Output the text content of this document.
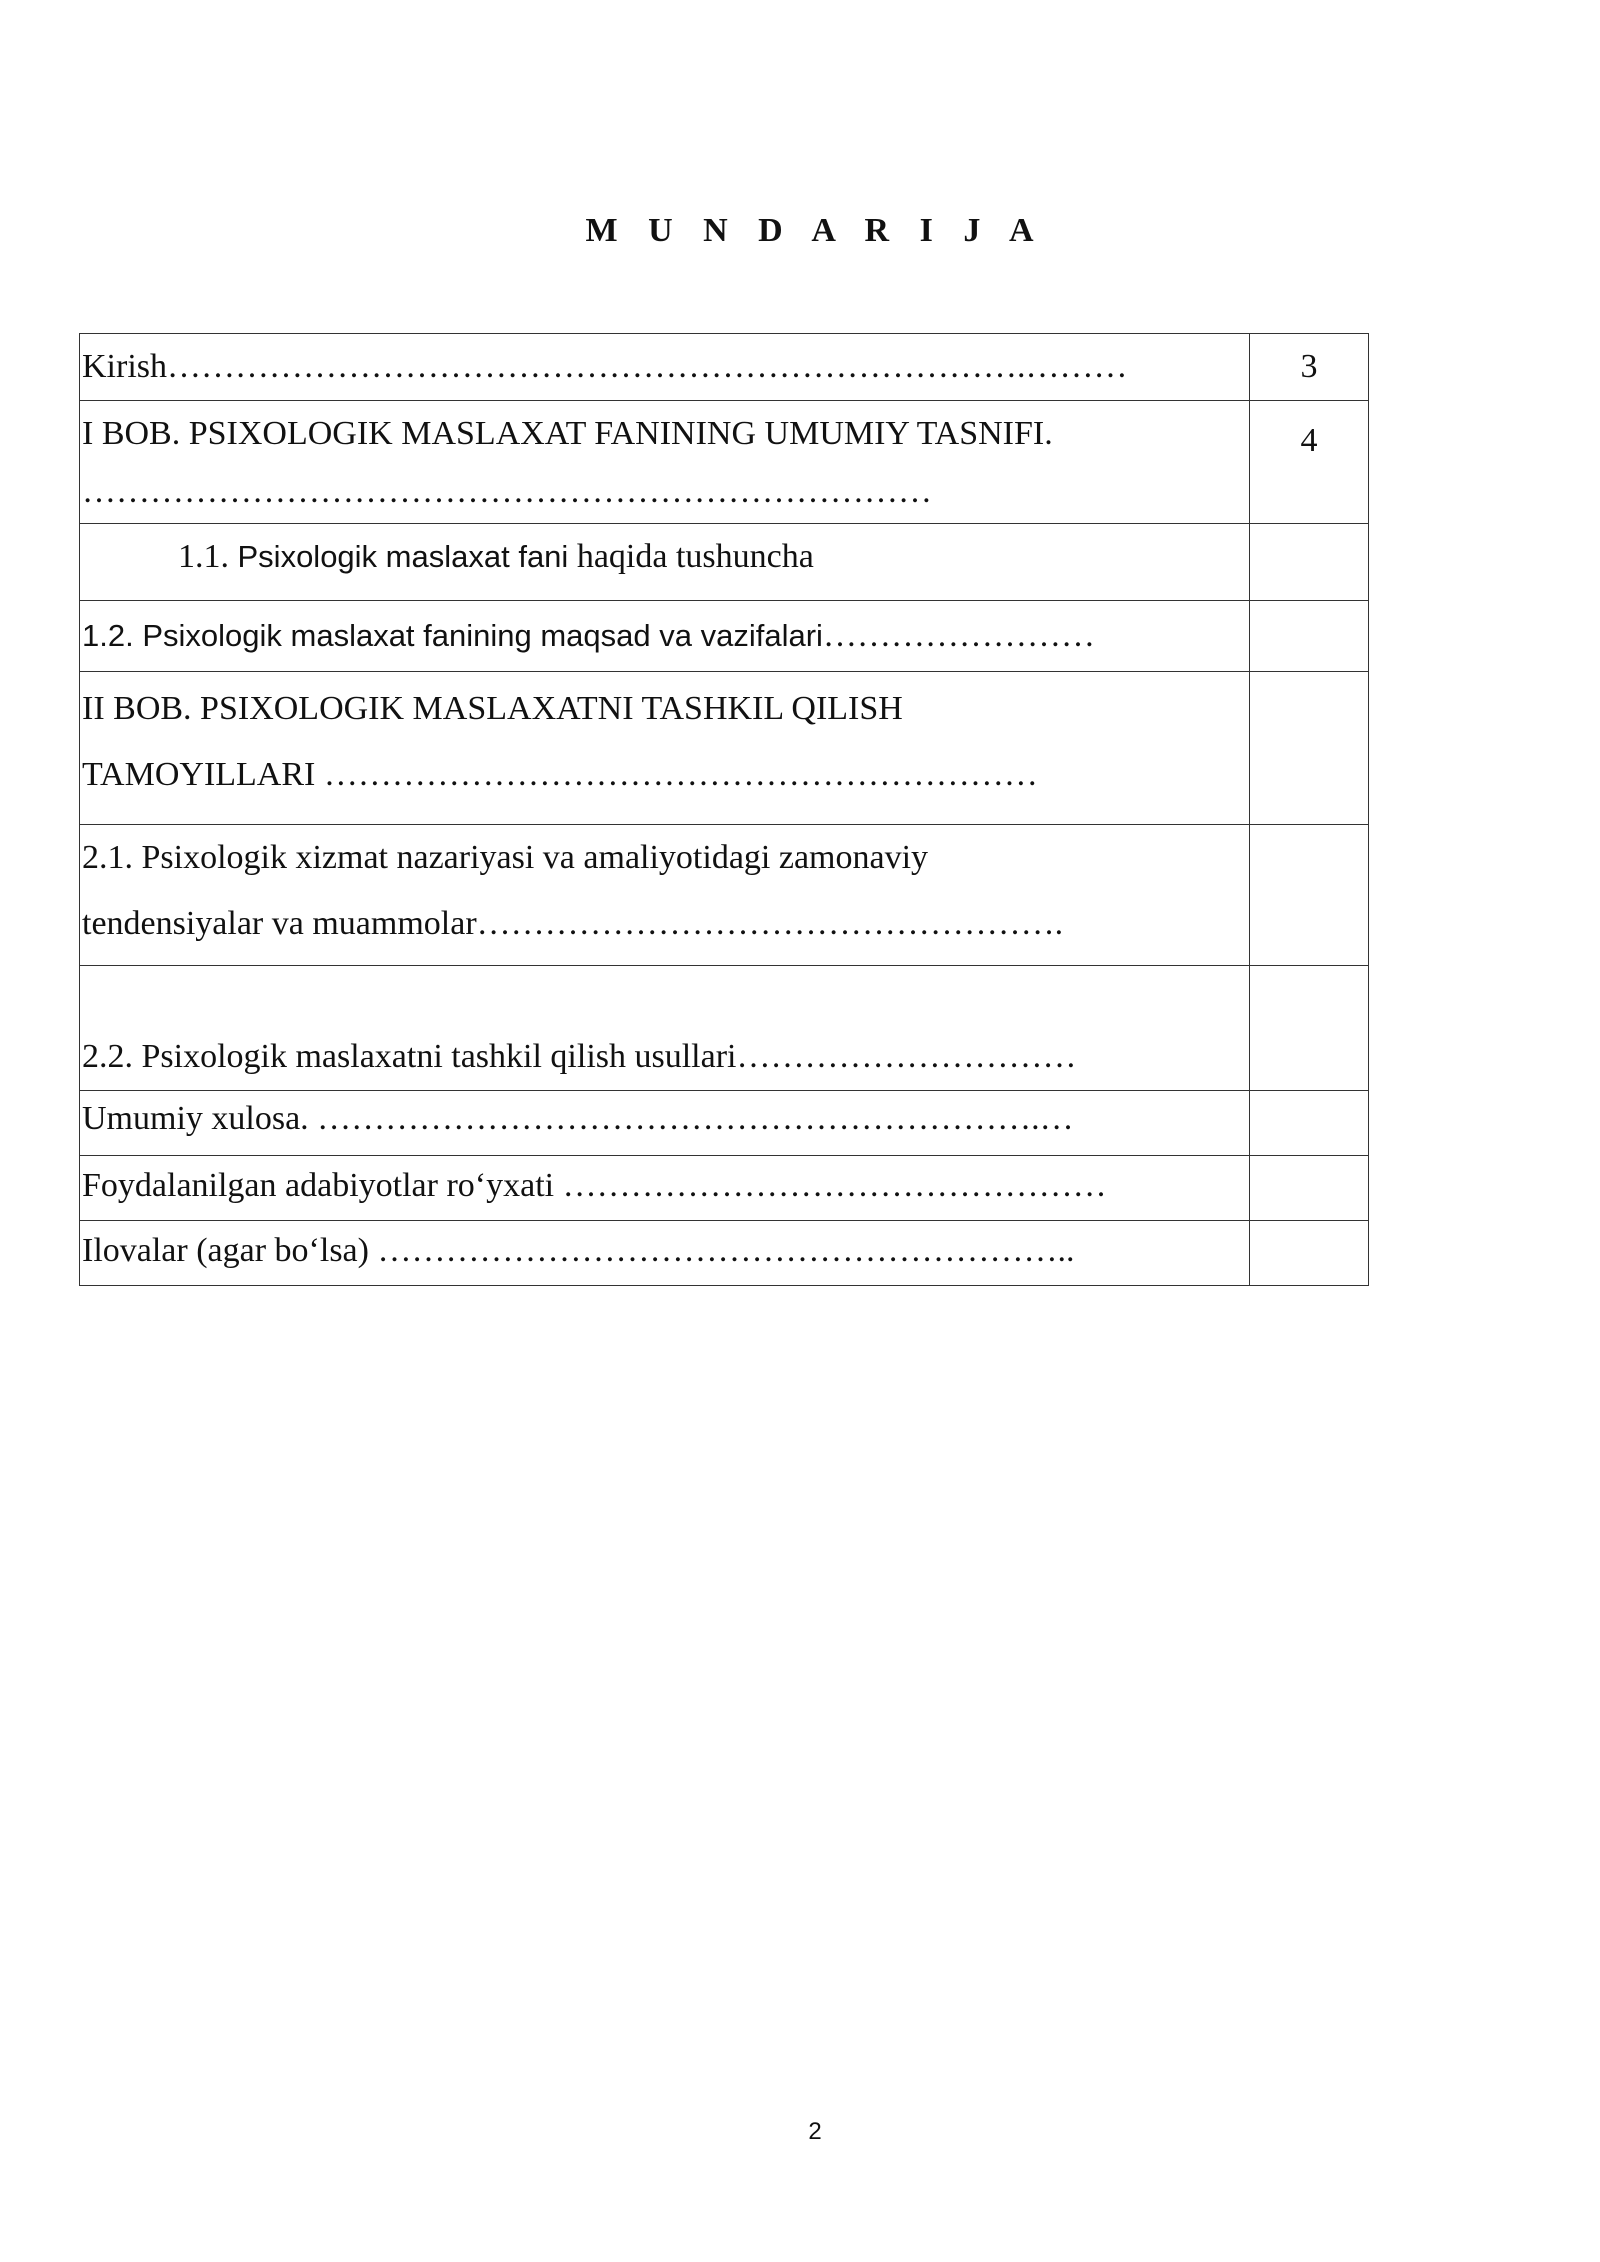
M U N D A R I J A
Kirish………………………………………………………………….………	3

I BOB. PSIXOLOGIK MASLAXAT FANINING UMUMIY TASNIFI.
…………………………………………………………………	4
1.1. Psixologik maslaxat fani haqida tushuncha	
1.2. Psixologik maslaxat fanining maqsad va vazifalari……………………	

II BOB. PSIXOLOGIK MASLAXATNI TASHKIL QILISH
TAMOYILLARI ………………………………………………………	

2.1. Psixologik xizmat nazariyasi va amaliyotidagi zamonaviy
tendensiyalar va muammolar…………………………………………….	

2.2. Psixologik maslaxatni tashkil qilish usullari…………………………	
Umumiy xulosa. ……………………………………………………….…	
Foydalanilgan adabiyotlar ro‘yxati …………………………………………	
Ilovalar (agar bo‘lsa) ……………………………………………………..	
2
